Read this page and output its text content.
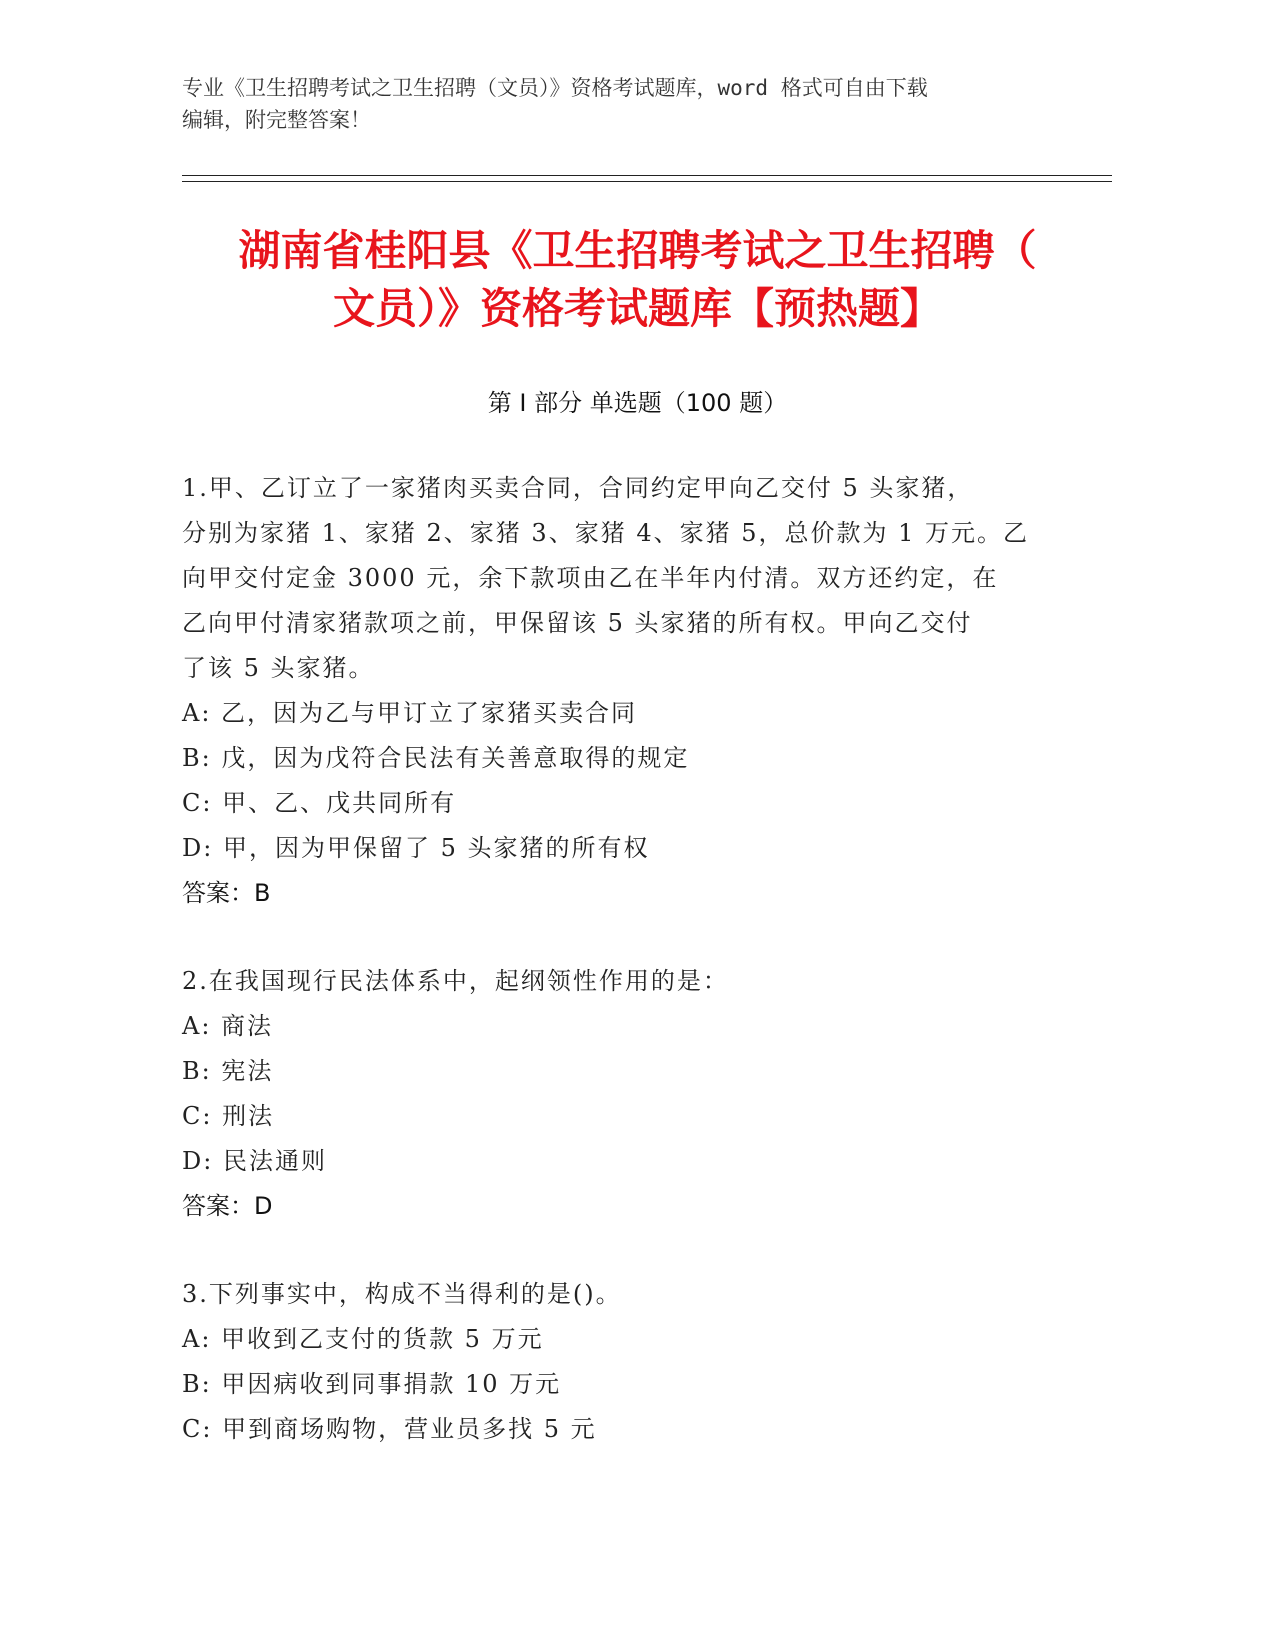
专业《卫生招聘考试之卫生招聘（文员）》资格考试题库，word 格式可自由下载
编辑，附完整答案！
湖南省桂阳县《卫生招聘考试之卫生招聘（
文员）》资格考试题库【预热题】
第 I 部分 单选题（100 题）
1.甲、乙订立了一家猪肉买卖合同，合同约定甲向乙交付 5 头家猪，
分别为家猪 1、家猪 2、家猪 3、家猪 4、家猪 5，总价款为 1 万元。乙
向甲交付定金 3000 元，余下款项由乙在半年内付清。双方还约定，在
乙向甲付清家猪款项之前，甲保留该 5 头家猪的所有权。甲向乙交付
了该 5 头家猪。
A: 乙，因为乙与甲订立了家猪买卖合同
B: 戊，因为戊符合民法有关善意取得的规定
C: 甲、乙、戊共同所有
D: 甲，因为甲保留了 5 头家猪的所有权
答案：B
2.在我国现行民法体系中，起纲领性作用的是：
A: 商法
B: 宪法
C: 刑法
D: 民法通则
答案：D
3.下列事实中，构成不当得利的是()。
A: 甲收到乙支付的货款 5 万元
B: 甲因病收到同事捐款 10 万元
C: 甲到商场购物，营业员多找 5 元
